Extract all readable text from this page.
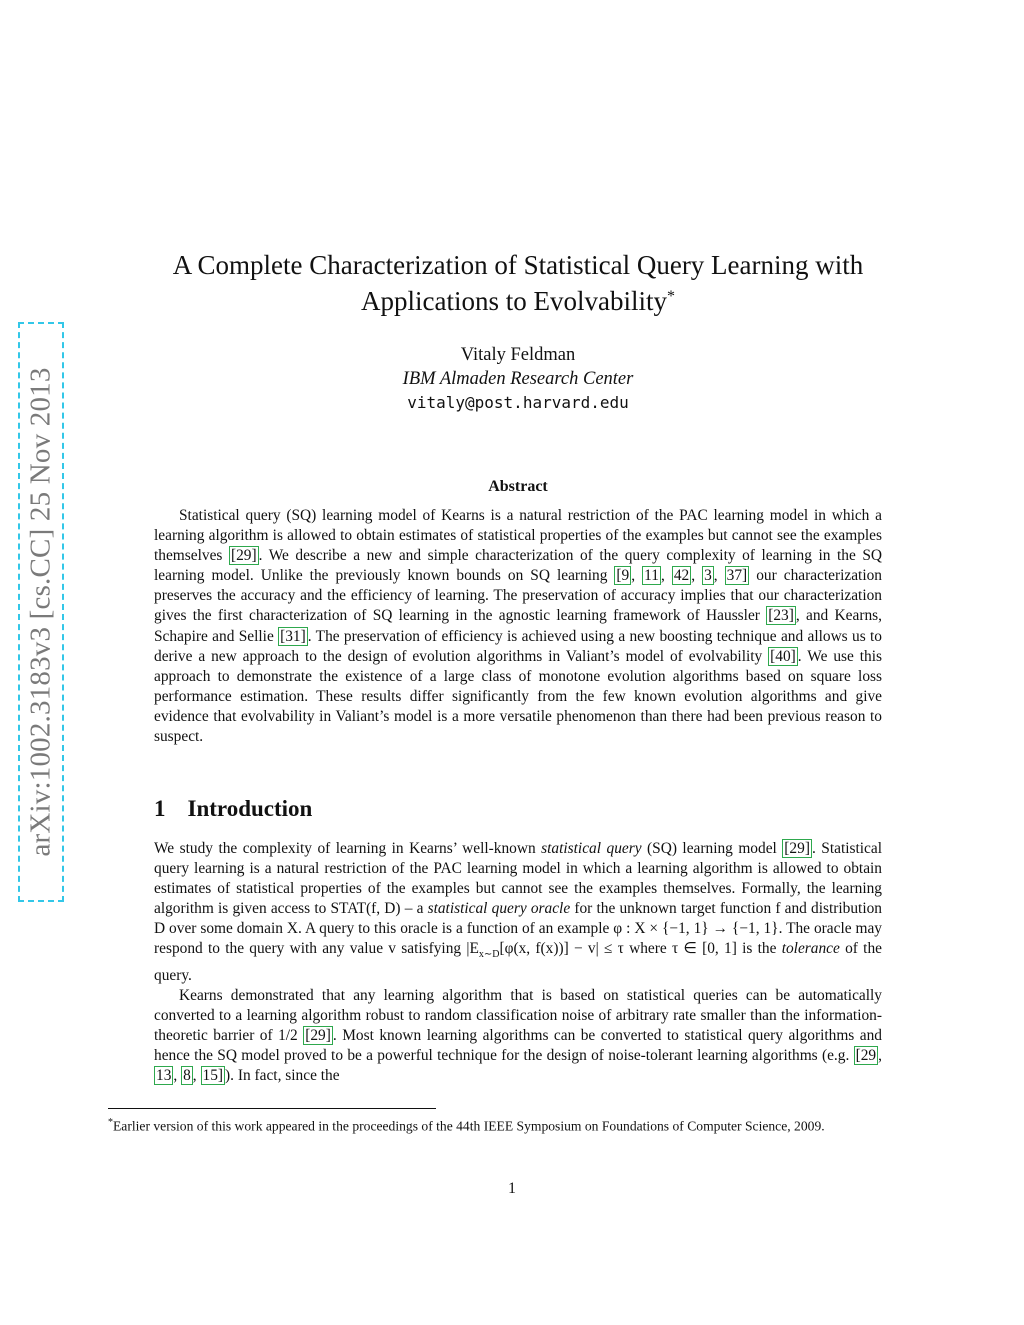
arXiv:1002.3183v3 [cs.CC] 25 Nov 2013
A Complete Characterization of Statistical Query Learning with
Applications to Evolvability*
Vitaly Feldman
IBM Almaden Research Center
vitaly@post.harvard.edu
Abstract
Statistical query (SQ) learning model of Kearns is a natural restriction of the PAC learning model in which a learning algorithm is allowed to obtain estimates of statistical properties of the examples but cannot see the examples themselves [29] . We describe a new and simple characterization of the query complexity of learning in the SQ learning model. Unlike the previously known bounds on SQ learning [9 , 11 , 42 , 3 , 37] our characterization preserves the accuracy and the efficiency of learning. The preservation of accuracy implies that our characterization gives the first characterization of SQ learning in the agnostic learning framework of Haussler [23] , and Kearns, Schapire and Sellie [31] . The preservation of efficiency is achieved using a new boosting technique and allows us to derive a new approach to the design of evolution algorithms in Valiant’s model of evolvability [40] . We use this approach to demonstrate the existence of a large class of monotone evolution algorithms based on square loss performance estimation. These results differ significantly from the few known evolution algorithms and give evidence that evolvability in Valiant’s model is a more versatile phenomenon than there had been previous reason to suspect.
1 Introduction

We study the complexity of learning in Kearns’ well-known statistical query (SQ) learning model [29] . Statistical query learning is a natural restriction of the PAC learning model in which a learning algorithm is allowed to obtain estimates of statistical properties of the examples but cannot see the examples themselves. Formally, the learning algorithm is given access to STAT(f, D) – a statistical query oracle for the unknown target function f and distribution D over some domain X. A query to this oracle is a function of an example φ : X × {−1, 1} → {−1, 1}. The oracle may respond to the query with any value v satisfying $|E_{x\sim D}[\varphi(x$, f(x))] − v| ≤ τ where τ ∈ [0, 1] is the tolerance of the query.

Kearns demonstrated that any learning algorithm that is based on statistical queries can be automatically converted to a learning algorithm robust to random classification noise of arbitrary rate smaller than the information-theoretic barrier of 1/2 [29] . Most known learning algorithms can be converted to statistical query algorithms and hence the SQ model proved to be a powerful technique for the design of noise-tolerant learning algorithms (e.g. [29 , 13 , 8 , 15] ). In fact, since the

*Earlier version of this work appeared in the proceedings of the 44th IEEE Symposium on Foundations of Computer Science, 2009.
1
